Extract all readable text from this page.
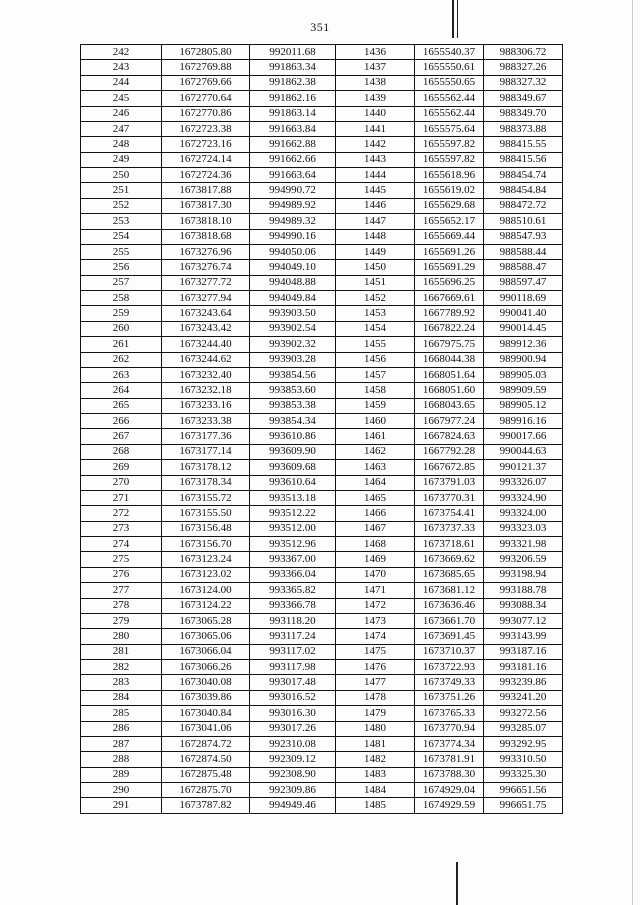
351
242	1672805.80	992011.68	1436	1655540.37	988306.72
243	1672769.88	991863.34	1437	1655550.61	988327.26
244	1672769.66	991862.38	1438	1655550.65	988327.32
245	1672770.64	991862.16	1439	1655562.44	988349.67
246	1672770.86	991863.14	1440	1655562.44	988349.70
247	1672723.38	991663.84	1441	1655575.64	988373.88
248	1672723.16	991662.88	1442	1655597.82	988415.55
249	1672724.14	991662.66	1443	1655597.82	988415.56
250	1672724.36	991663.64	1444	1655618.96	988454.74
251	1673817.88	994990.72	1445	1655619.02	988454.84
252	1673817.30	994989.92	1446	1655629.68	988472.72
253	1673818.10	994989.32	1447	1655652.17	988510.61
254	1673818.68	994990.16	1448	1655669.44	988547.93
255	1673276.96	994050.06	1449	1655691.26	988588.44
256	1673276.74	994049.10	1450	1655691.29	988588.47
257	1673277.72	994048.88	1451	1655696.25	988597.47
258	1673277.94	994049.84	1452	1667669.61	990118.69
259	1673243.64	993903.50	1453	1667789.92	990041.40
260	1673243.42	993902.54	1454	1667822.24	990014.45
261	1673244.40	993902.32	1455	1667975.75	989912.36
262	1673244.62	993903.28	1456	1668044.38	989900.94
263	1673232.40	993854.56	1457	1668051.64	989905.03
264	1673232.18	993853.60	1458	1668051.60	989909.59
265	1673233.16	993853.38	1459	1668043.65	989905.12
266	1673233.38	993854.34	1460	1667977.24	989916.16
267	1673177.36	993610.86	1461	1667824.63	990017.66
268	1673177.14	993609.90	1462	1667792.28	990044.63
269	1673178.12	993609.68	1463	1667672.85	990121.37
270	1673178.34	993610.64	1464	1673791.03	993326.07
271	1673155.72	993513.18	1465	1673770.31	993324.90
272	1673155.50	993512.22	1466	1673754.41	993324.00
273	1673156.48	993512.00	1467	1673737.33	993323.03
274	1673156.70	993512.96	1468	1673718.61	993321.98
275	1673123.24	993367.00	1469	1673669.62	993206.59
276	1673123.02	993366.04	1470	1673685.65	993198.94
277	1673124.00	993365.82	1471	1673681.12	993188.78
278	1673124.22	993366.78	1472	1673636.46	993088.34
279	1673065.28	993118.20	1473	1673661.70	993077.12
280	1673065.06	993117.24	1474	1673691.45	993143.99
281	1673066.04	993117.02	1475	1673710.37	993187.16
282	1673066.26	993117.98	1476	1673722.93	993181.16
283	1673040.08	993017.48	1477	1673749.33	993239.86
284	1673039.86	993016.52	1478	1673751.26	993241.20
285	1673040.84	993016.30	1479	1673765.33	993272.56
286	1673041.06	993017.26	1480	1673770.94	993285.07
287	1672874.72	992310.08	1481	1673774.34	993292.95
288	1672874.50	992309.12	1482	1673781.91	993310.50
289	1672875.48	992308.90	1483	1673788.30	993325.30
290	1672875.70	992309.86	1484	1674929.04	996651.56
291	1673787.82	994949.46	1485	1674929.59	996651.75
